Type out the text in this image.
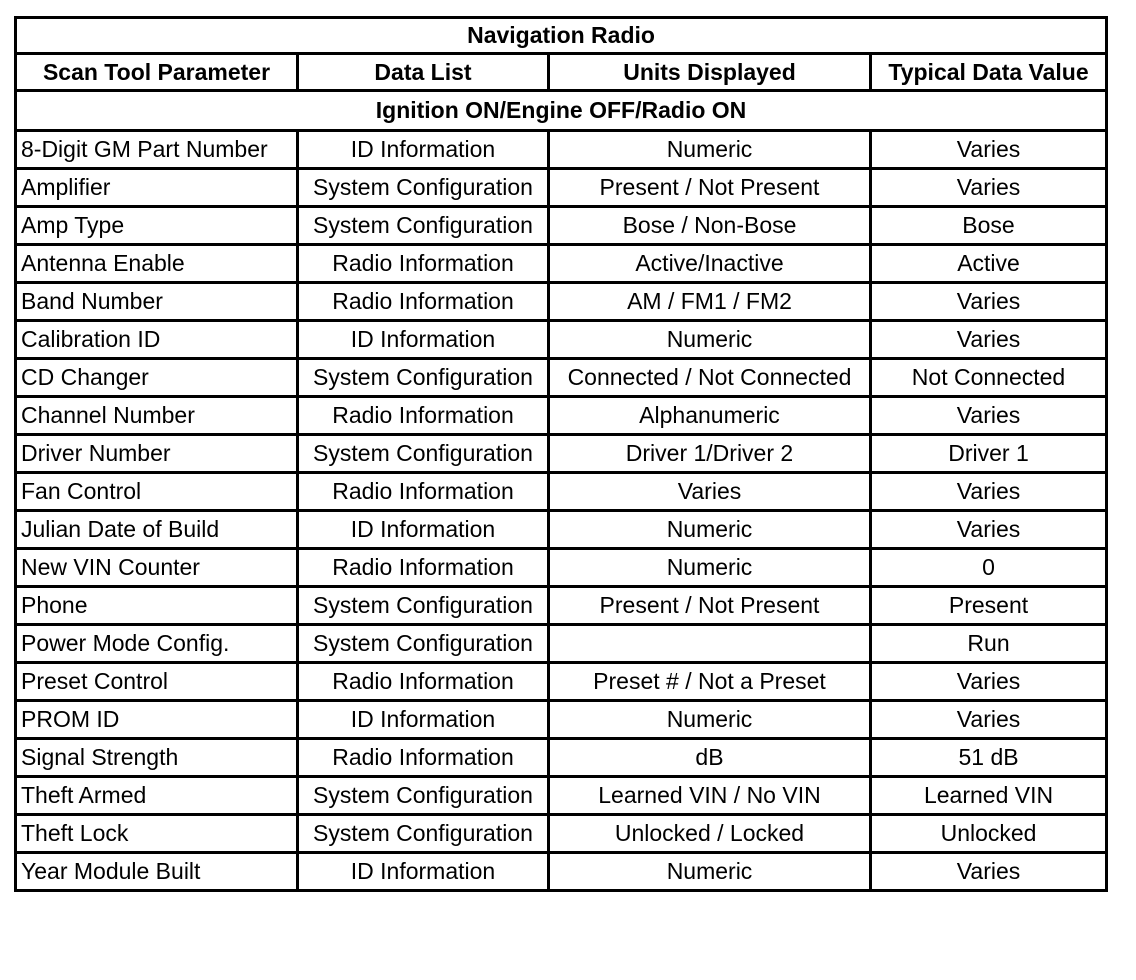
Navigation Radio			
Scan Tool Parameter	Data List	Units Displayed	Typical Data Value
Ignition ON/Engine OFF/Radio ON			
8-Digit GM Part Number	ID Information	Numeric	Varies
Amplifier	System Configuration	Present / Not Present	Varies
Amp Type	System Configuration	Bose / Non-Bose	Bose
Antenna Enable	Radio Information	Active/Inactive	Active
Band Number	Radio Information	AM / FM1 / FM2	Varies
Calibration ID	ID Information	Numeric	Varies
CD Changer	System Configuration	Connected / Not Connected	Not Connected
Channel Number	Radio Information	Alphanumeric	Varies
Driver Number	System Configuration	Driver 1/Driver 2	Driver 1
Fan Control	Radio Information	Varies	Varies
Julian Date of Build	ID Information	Numeric	Varies
New VIN Counter	Radio Information	Numeric	0
Phone	System Configuration	Present / Not Present	Present
Power Mode Config.	System Configuration		Run
Preset Control	Radio Information	Preset # / Not a Preset	Varies
PROM ID	ID Information	Numeric	Varies
Signal Strength	Radio Information	dB	51 dB
Theft Armed	System Configuration	Learned VIN / No VIN	Learned VIN
Theft Lock	System Configuration	Unlocked / Locked	Unlocked
Year Module Built	ID Information	Numeric	Varies
